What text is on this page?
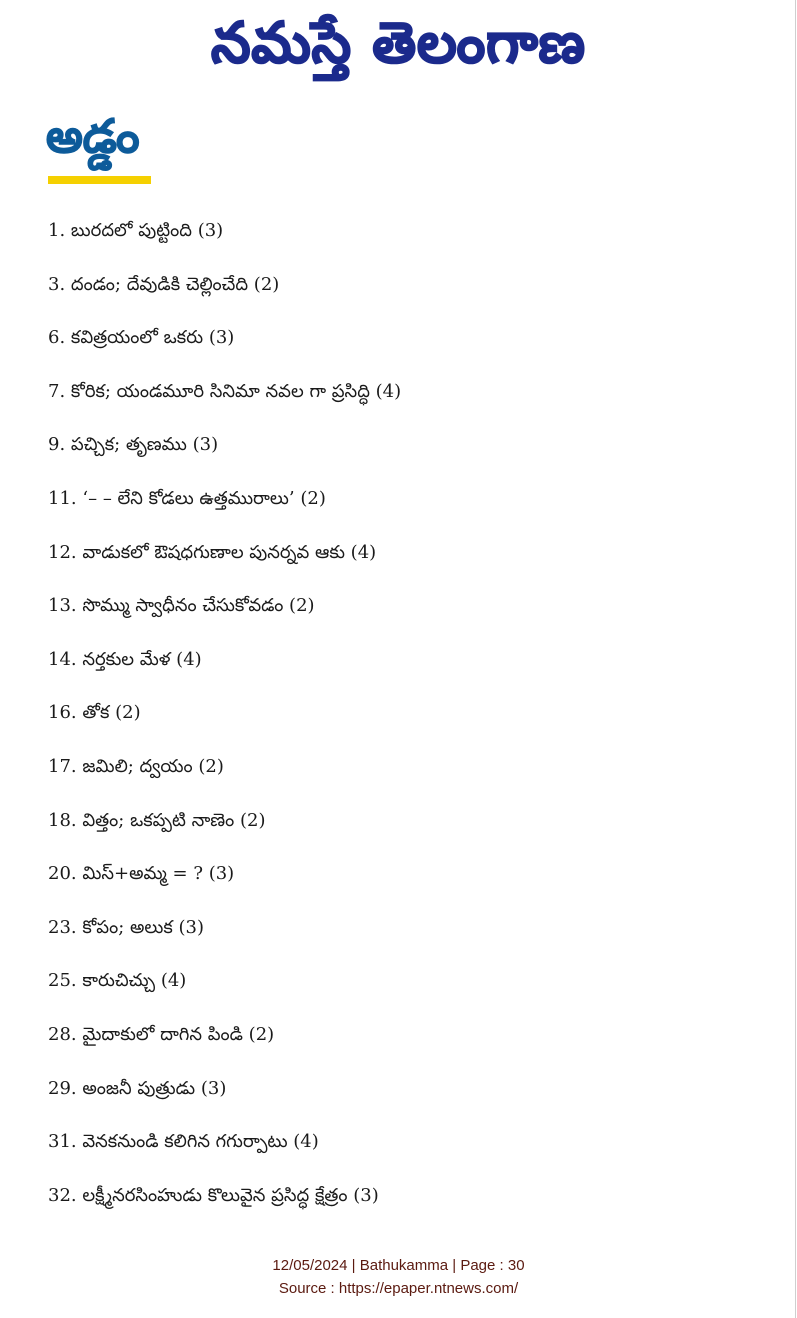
నమస్తే తెలంగాణ
అడ్డం
1. బురదలో పుట్టింది (3)
3. దండం; దేవుడికి చెల్లించేది (2)
6. కవిత్రయంలో ఒకరు (3)
7. కోరిక; యండమూరి సినిమా నవల గా ప్రసిద్ధి (4)
9. పచ్చిక; తృణము (3)
11. ‘– – లేని కోడలు ఉత్తమురాలు’ (2)
12. వాడుకలో ఔషధగుణాల పునర్నవ ఆకు (4)
13. సొమ్ము స్వాధీనం చేసుకోవడం (2)
14. నర్తకుల మేళ (4)
16. తోక (2)
17. జమిలి; ద్వయం (2)
18. విత్తం; ఒకప్పటి నాణెం (2)
20. మిస్+అమ్మ = ? (3)
23. కోపం; అలుక (3)
25. కారుచిచ్చు (4)
28. మైదాకులో దాగిన పిండి (2)
29. అంజనీ పుత్రుడు (3)
31. వెనకనుండి కలిగిన గగుర్పాటు (4)
32. లక్ష్మీనరసింహుడు కొలువైన ప్రసిద్ధ క్షేత్రం (3)
12/05/2024 | Bathukamma | Page : 30
Source : https://epaper.ntnews.com/
